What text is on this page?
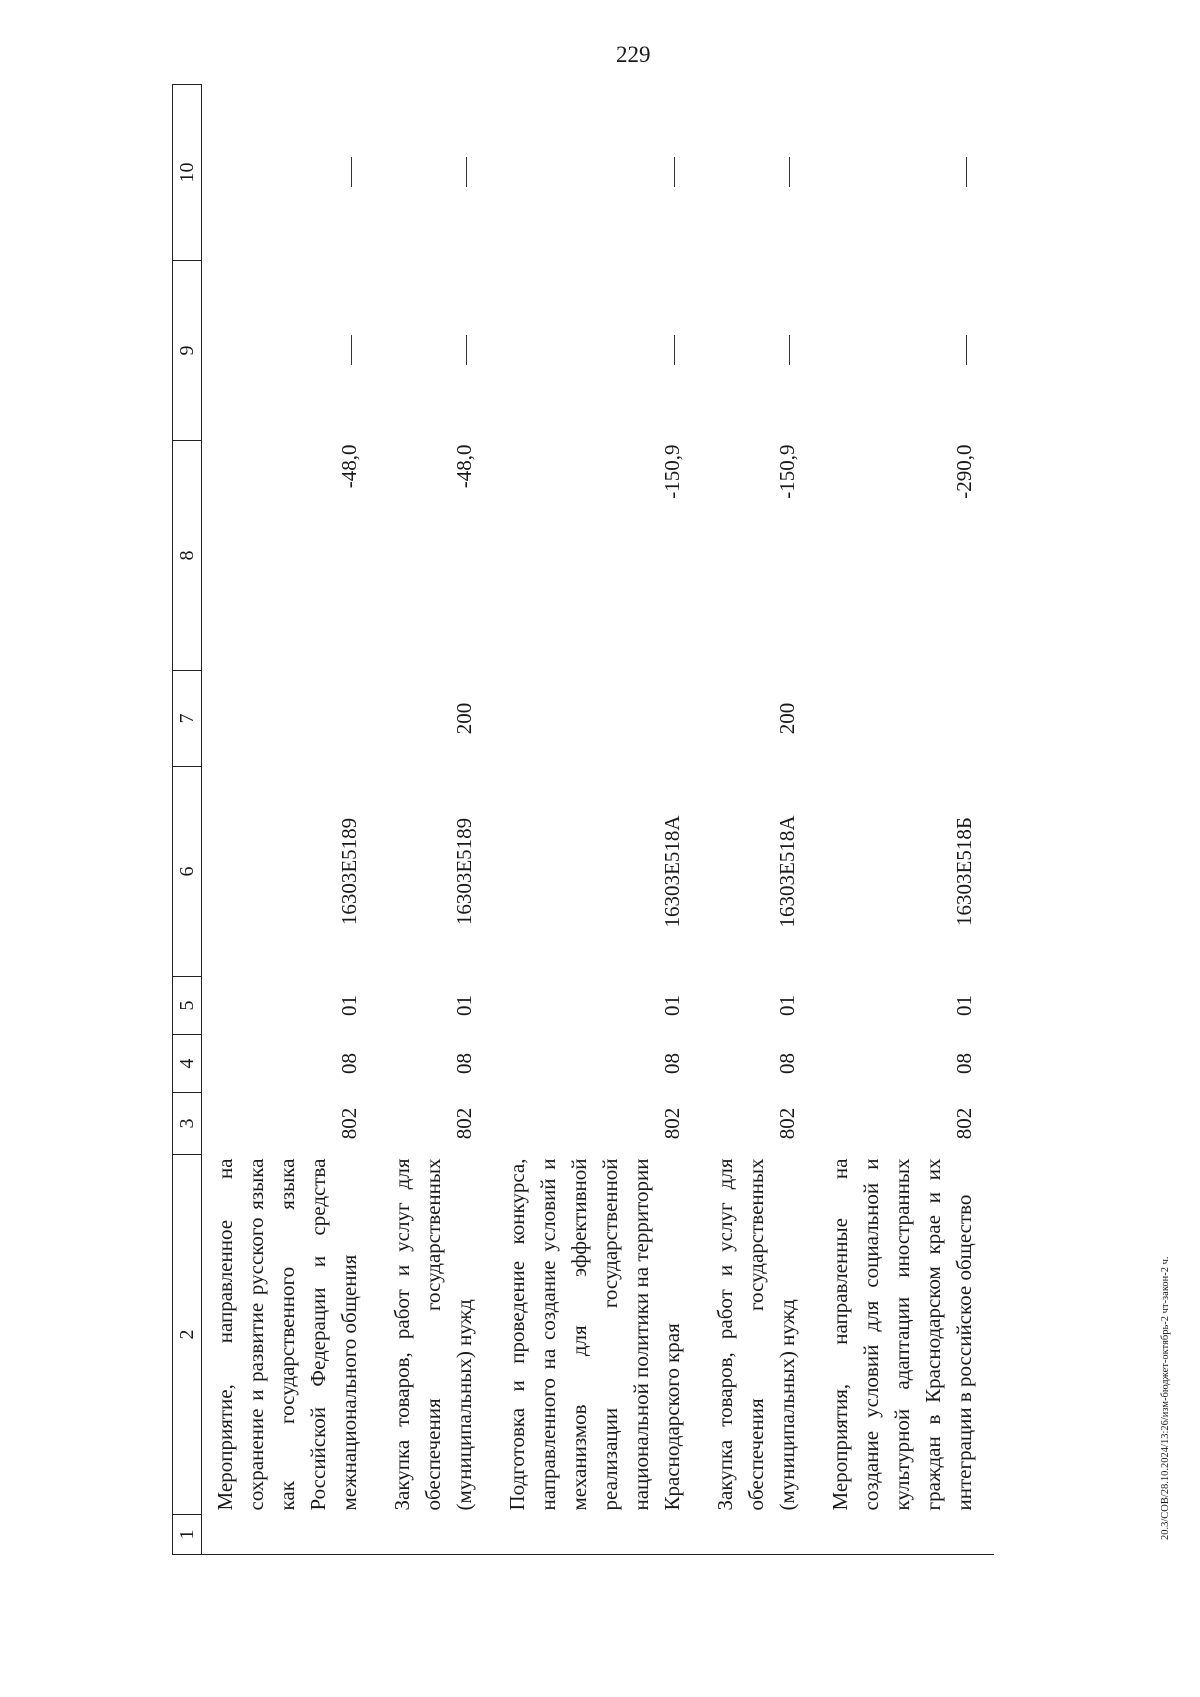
229
20.3/СОВ/28.10.2024/13:26/изм-бюджет-октябрь-2 чт-закон-2 ч.
1	2	3	4	5	6	7	8	9	10
	Мероприятие, направленное на сохранение и развитие русского языка как государственного языка Российской Федерации и средства межнационального общения	802	08	01	16303Е5189		-48,0		
	Закупка товаров, работ и услуг для обеспечения государственных (муниципальных) нужд	802	08	01	16303Е5189	200	-48,0		
	Подготовка и проведение конкурса, направленного на создание условий и механизмов для эффективной реализации государственной национальной политики на территории Краснодарского края	802	08	01	16303Е518А		-150,9		
	Закупка товаров, работ и услуг для обеспечения государственных (муниципальных) нужд	802	08	01	16303Е518А	200	-150,9		
	Мероприятия, направленные на создание условий для социальной и культурной адаптации иностранных граждан в Краснодарском крае и их интеграции в российское общество	802	08	01	16303Е518Б		-290,0		
